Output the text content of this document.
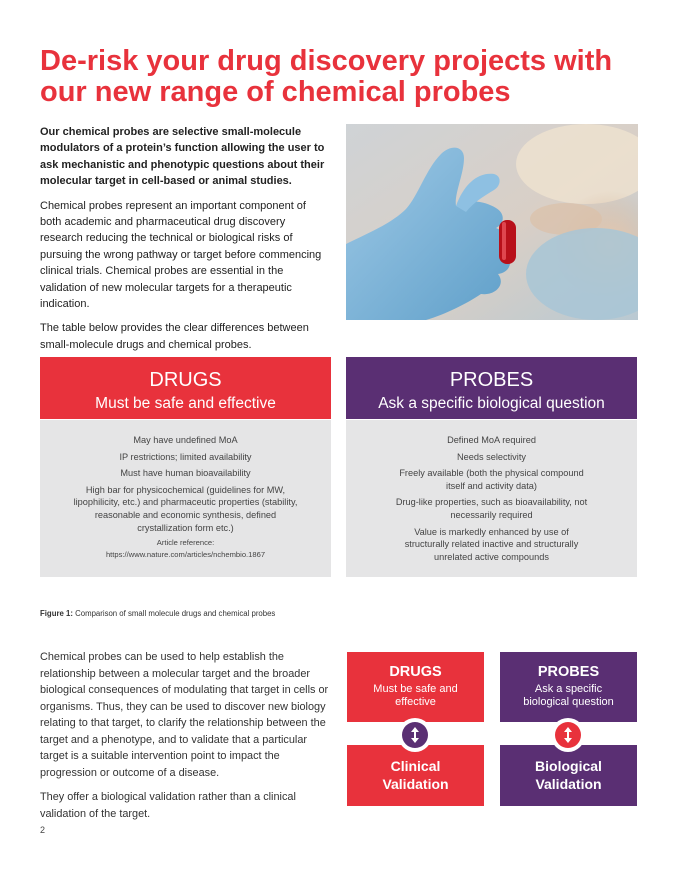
De-risk your drug discovery projects with our new range of chemical probes

Our chemical probes are selective small-molecule modulators of a protein’s function allowing the user to ask mechanistic and phenotypic questions about their molecular target in cell-based or animal studies.

Chemical probes represent an important component of both academic and pharmaceutical drug discovery research reducing the technical or biological risks of pursuing the wrong pathway or target before commencing clinical trials. Chemical probes are essential in the validation of new molecular targets for a therapeutic indication.

The table below provides the clear differences between small-molecule drugs and chemical probes.

DRUGS
Must be safe and effective
PROBES
Ask a specific biological question
May have undefined MoA
IP restrictions; limited availability
Must have human bioavailability
High bar for physicochemical (guidelines for MW, lipophilicity, etc.) and pharmaceutic properties (stability, reasonable and economic synthesis, defined crystallization form etc.)
Article reference:
https://www.nature.com/articles/nchembio.1867
Defined MoA required
Needs selectivity
Freely available (both the physical compound itself and activity data)
Drug-like properties, such as bioavailability, not necessarily required
Value is markedly enhanced by use of structurally related inactive and structurally unrelated active compounds
Figure 1: Comparison of small molecule drugs and chemical probes

Chemical probes can be used to help establish the relationship between a molecular target and the broader biological consequences of modulating that target in cells or organisms. Thus, they can be used to discover new biology relating to that target, to clarify the relationship between the target and a phenotype, and to validate that a particular target is a suitable intervention point to impact the progression or outcome of a disease.

They offer a biological validation rather than a clinical validation of the target.

DRUGS
Must be safe and effective
Clinical Validation
PROBES
Ask a specific biological question
Biological Validation
2
